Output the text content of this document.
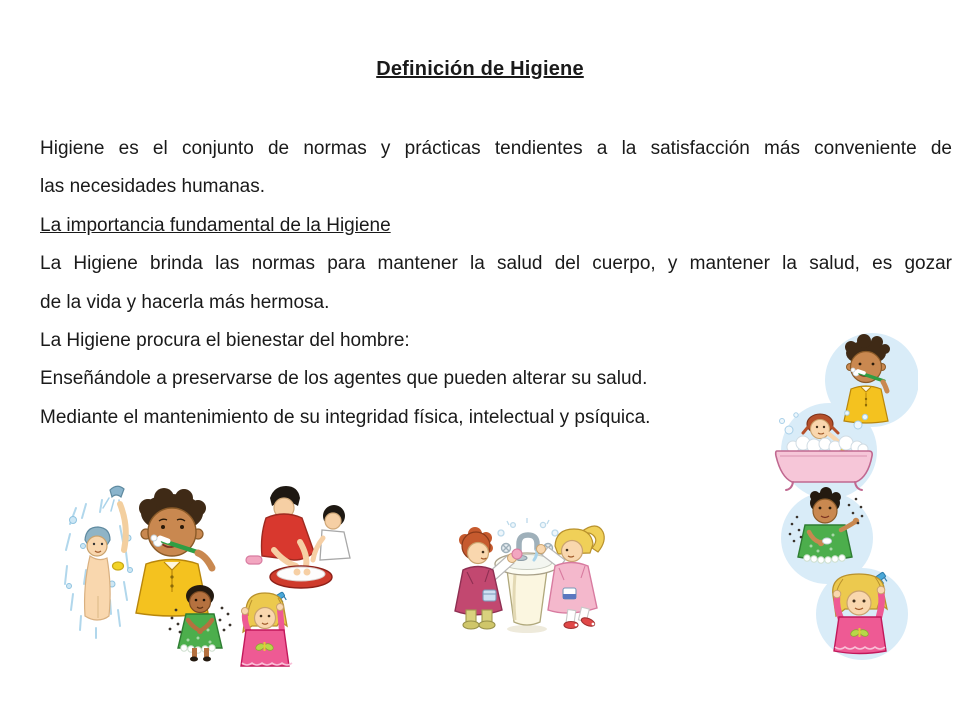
Definición de Higiene
Higiene es el conjunto de normas y prácticas tendientes a la satisfacción más conveniente de
las necesidades humanas.
La importancia fundamental de la Higiene
La Higiene brinda las normas para mantener la salud del cuerpo, y mantener la salud, es gozar
de la vida y hacerla más hermosa.
La Higiene procura el bienestar del hombre:
Enseñándole a preservarse de los agentes que pueden alterar su salud.
Mediante el mantenimiento de su integridad física, intelectual y psíquica.
